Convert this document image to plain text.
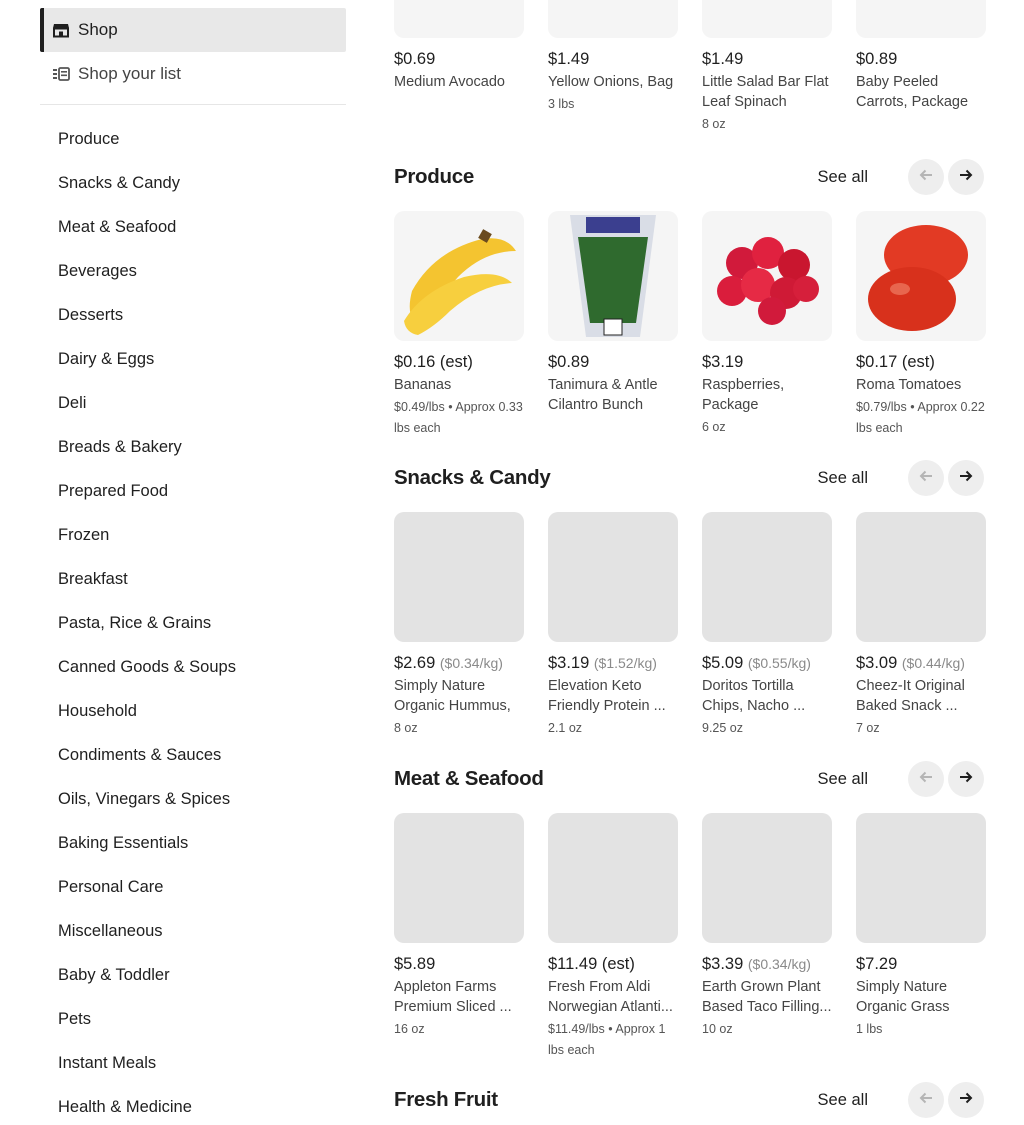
Shop
Shop your list
Produce
Snacks & Candy
Meat & Seafood
Beverages
Desserts
Dairy & Eggs
Deli
Breads & Bakery
Prepared Food
Frozen
Breakfast
Pasta, Rice & Grains
Canned Goods & Soups
Household
Condiments & Sauces
Oils, Vinegars & Spices
Baking Essentials
Personal Care
Miscellaneous
Baby & Toddler
Pets
Instant Meals
Health & Medicine
$0.69
Medium Avocado
$1.49
Yellow Onions, Bag
3 lbs
$1.49
Little Salad Bar Flat Leaf Spinach
8 oz
$0.89
Baby Peeled Carrots, Package
Produce	See all
$0.16 (est)
Bananas
$0.49/lbs • Approx 0.33 lbs each
$0.89
Tanimura & Antle Cilantro Bunch
$3.19
Raspberries, Package
6 oz
$0.17 (est)
Roma Tomatoes
$0.79/lbs • Approx 0.22 lbs each
Snacks & Candy	See all
$2.69 ($0.34/kg)
Simply Nature Organic Hummus,
8 oz
$3.19 ($1.52/kg)
Elevation Keto Friendly Protein ...
2.1 oz
$5.09 ($0.55/kg)
Doritos Tortilla Chips, Nacho ...
9.25 oz
$3.09 ($0.44/kg)
Cheez-It Original Baked Snack ...
7 oz
Meat & Seafood	See all
$5.89
Appleton Farms Premium Sliced ...
16 oz
$11.49 (est)
Fresh From Aldi Norwegian Atlanti...
$11.49/lbs • Approx 1 lbs each
$3.39 ($0.34/kg)
Earth Grown Plant Based Taco Filling...
10 oz
$7.29
Simply Nature Organic Grass
1 lbs
Fresh Fruit	See all
